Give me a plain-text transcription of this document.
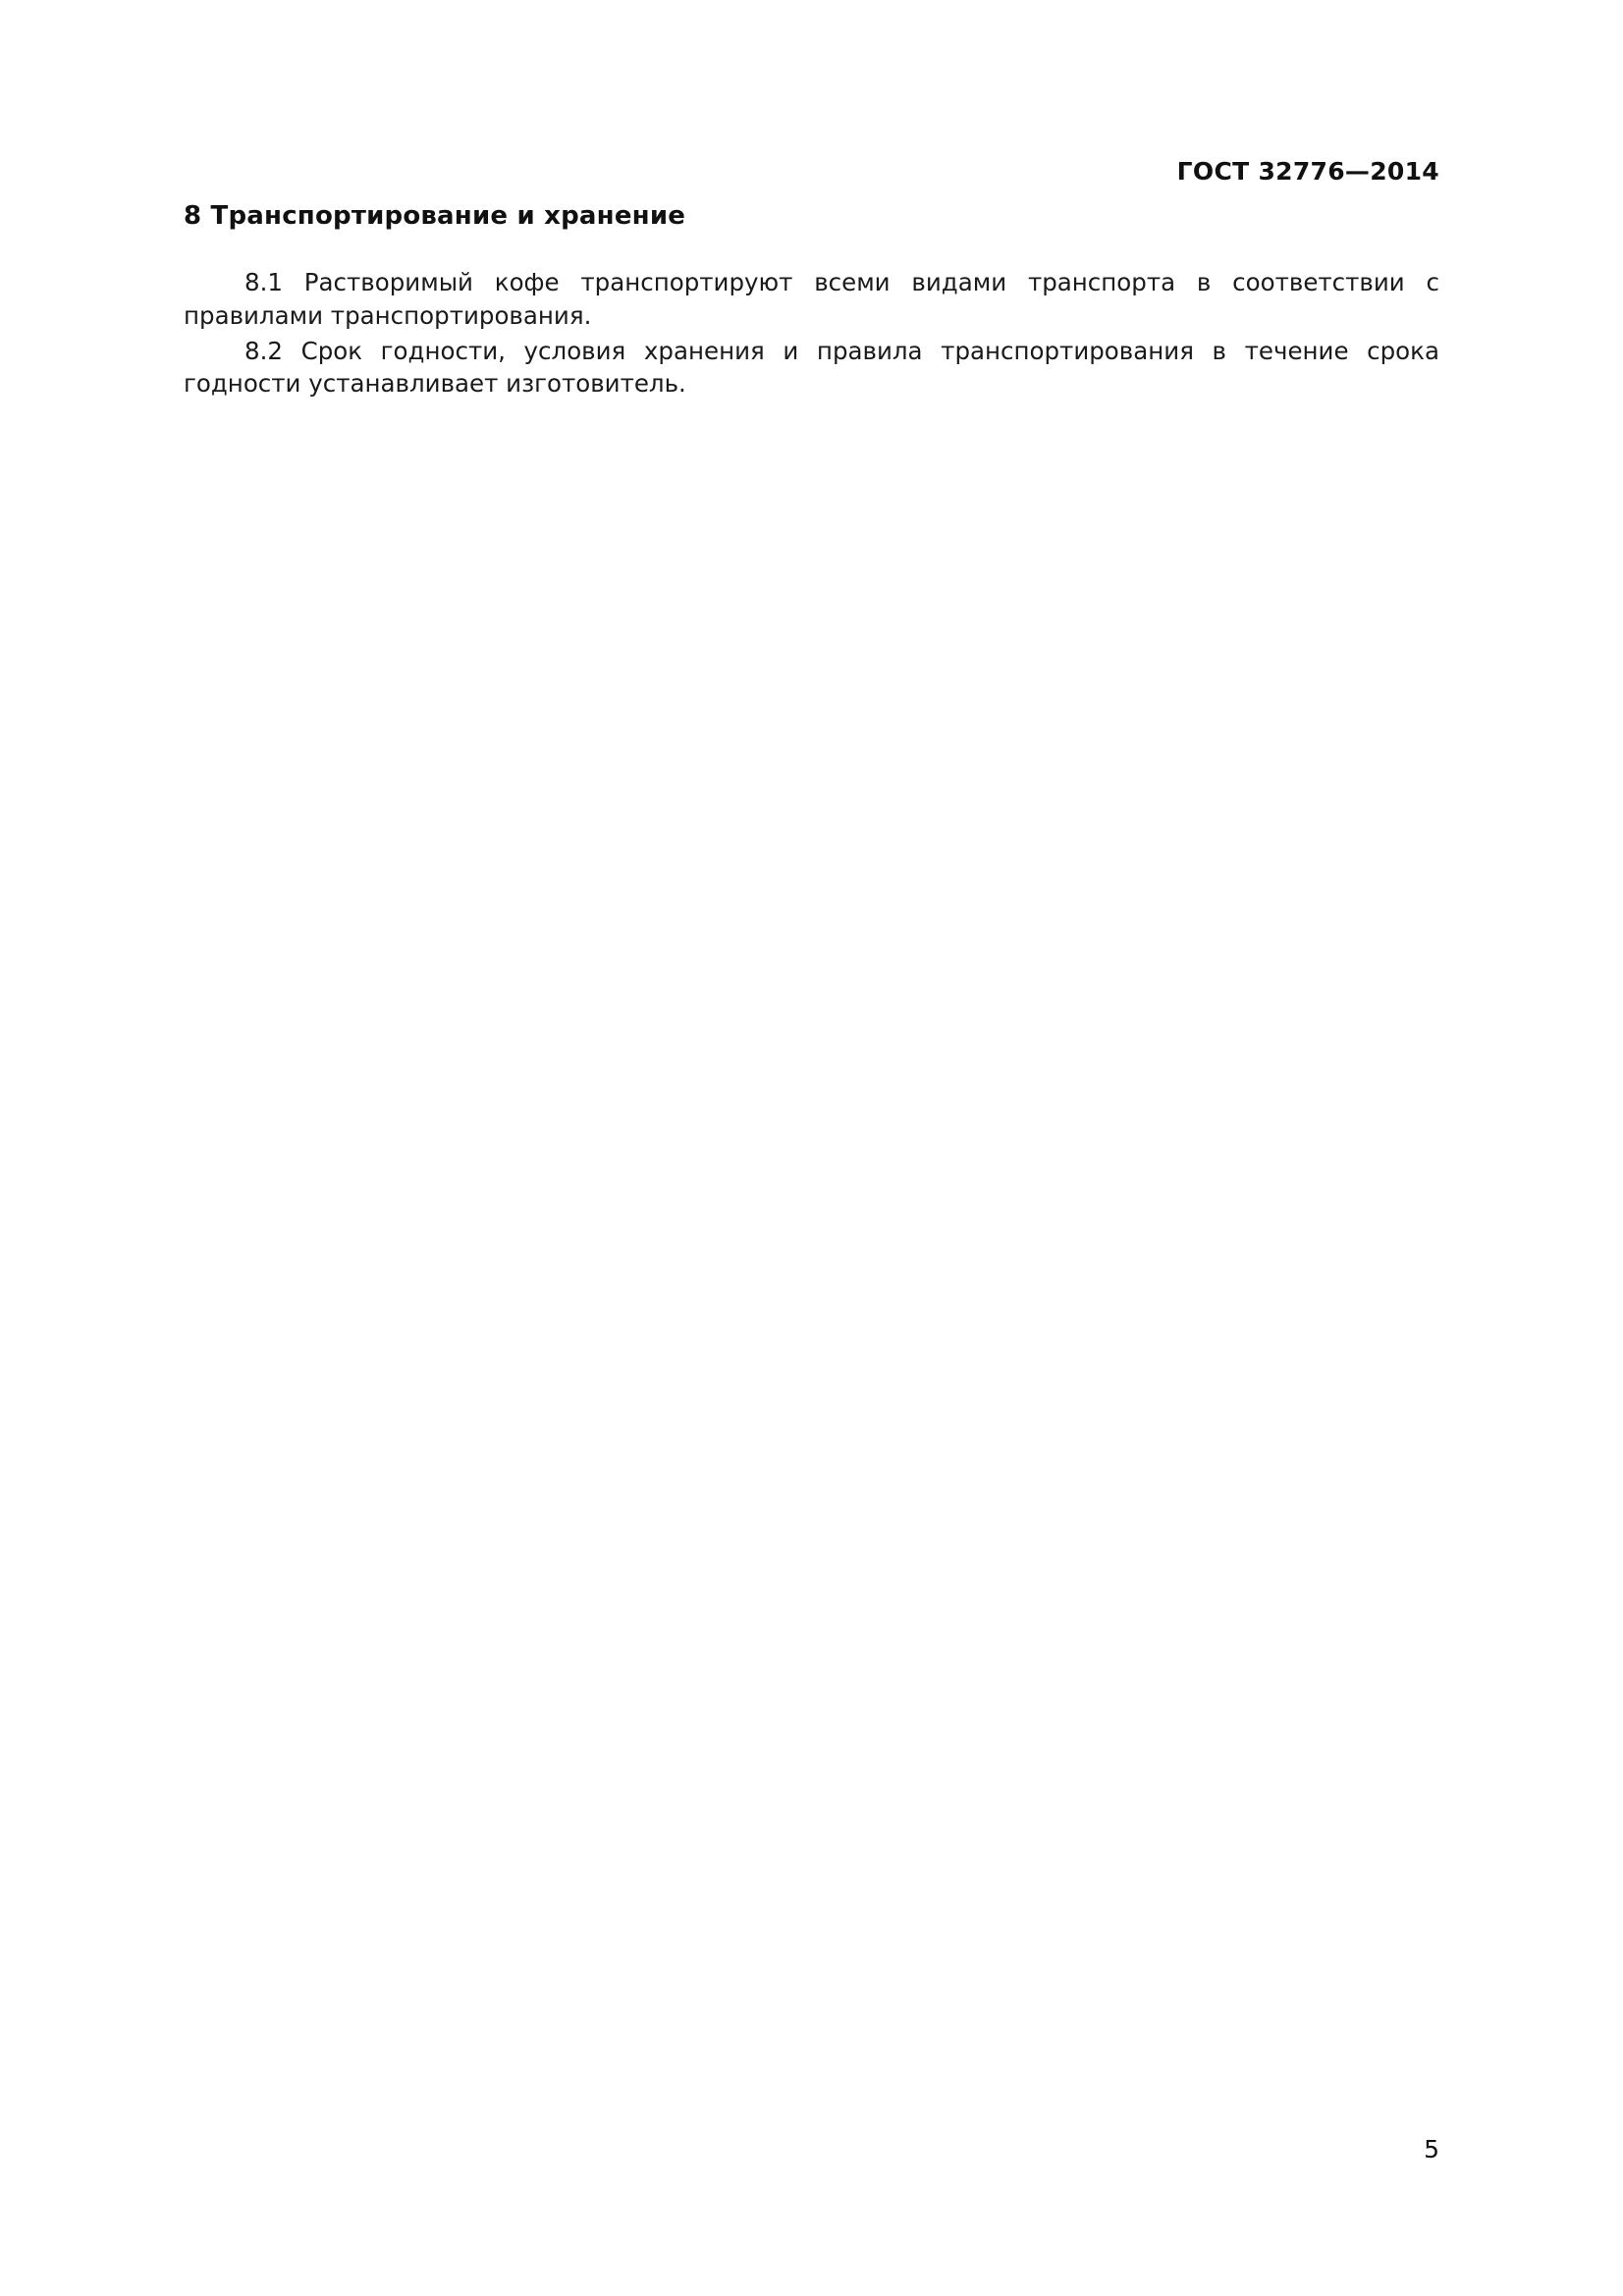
ГОСТ 32776—2014
8 Транспортирование и хранение

8.1 Растворимый кофе транспортируют всеми видами транспорта в соответствии с правилами транспортирования.

8.2 Срок годности, условия хранения и правила транспортирования в течение срока годности устанавливает изготовитель.

5
